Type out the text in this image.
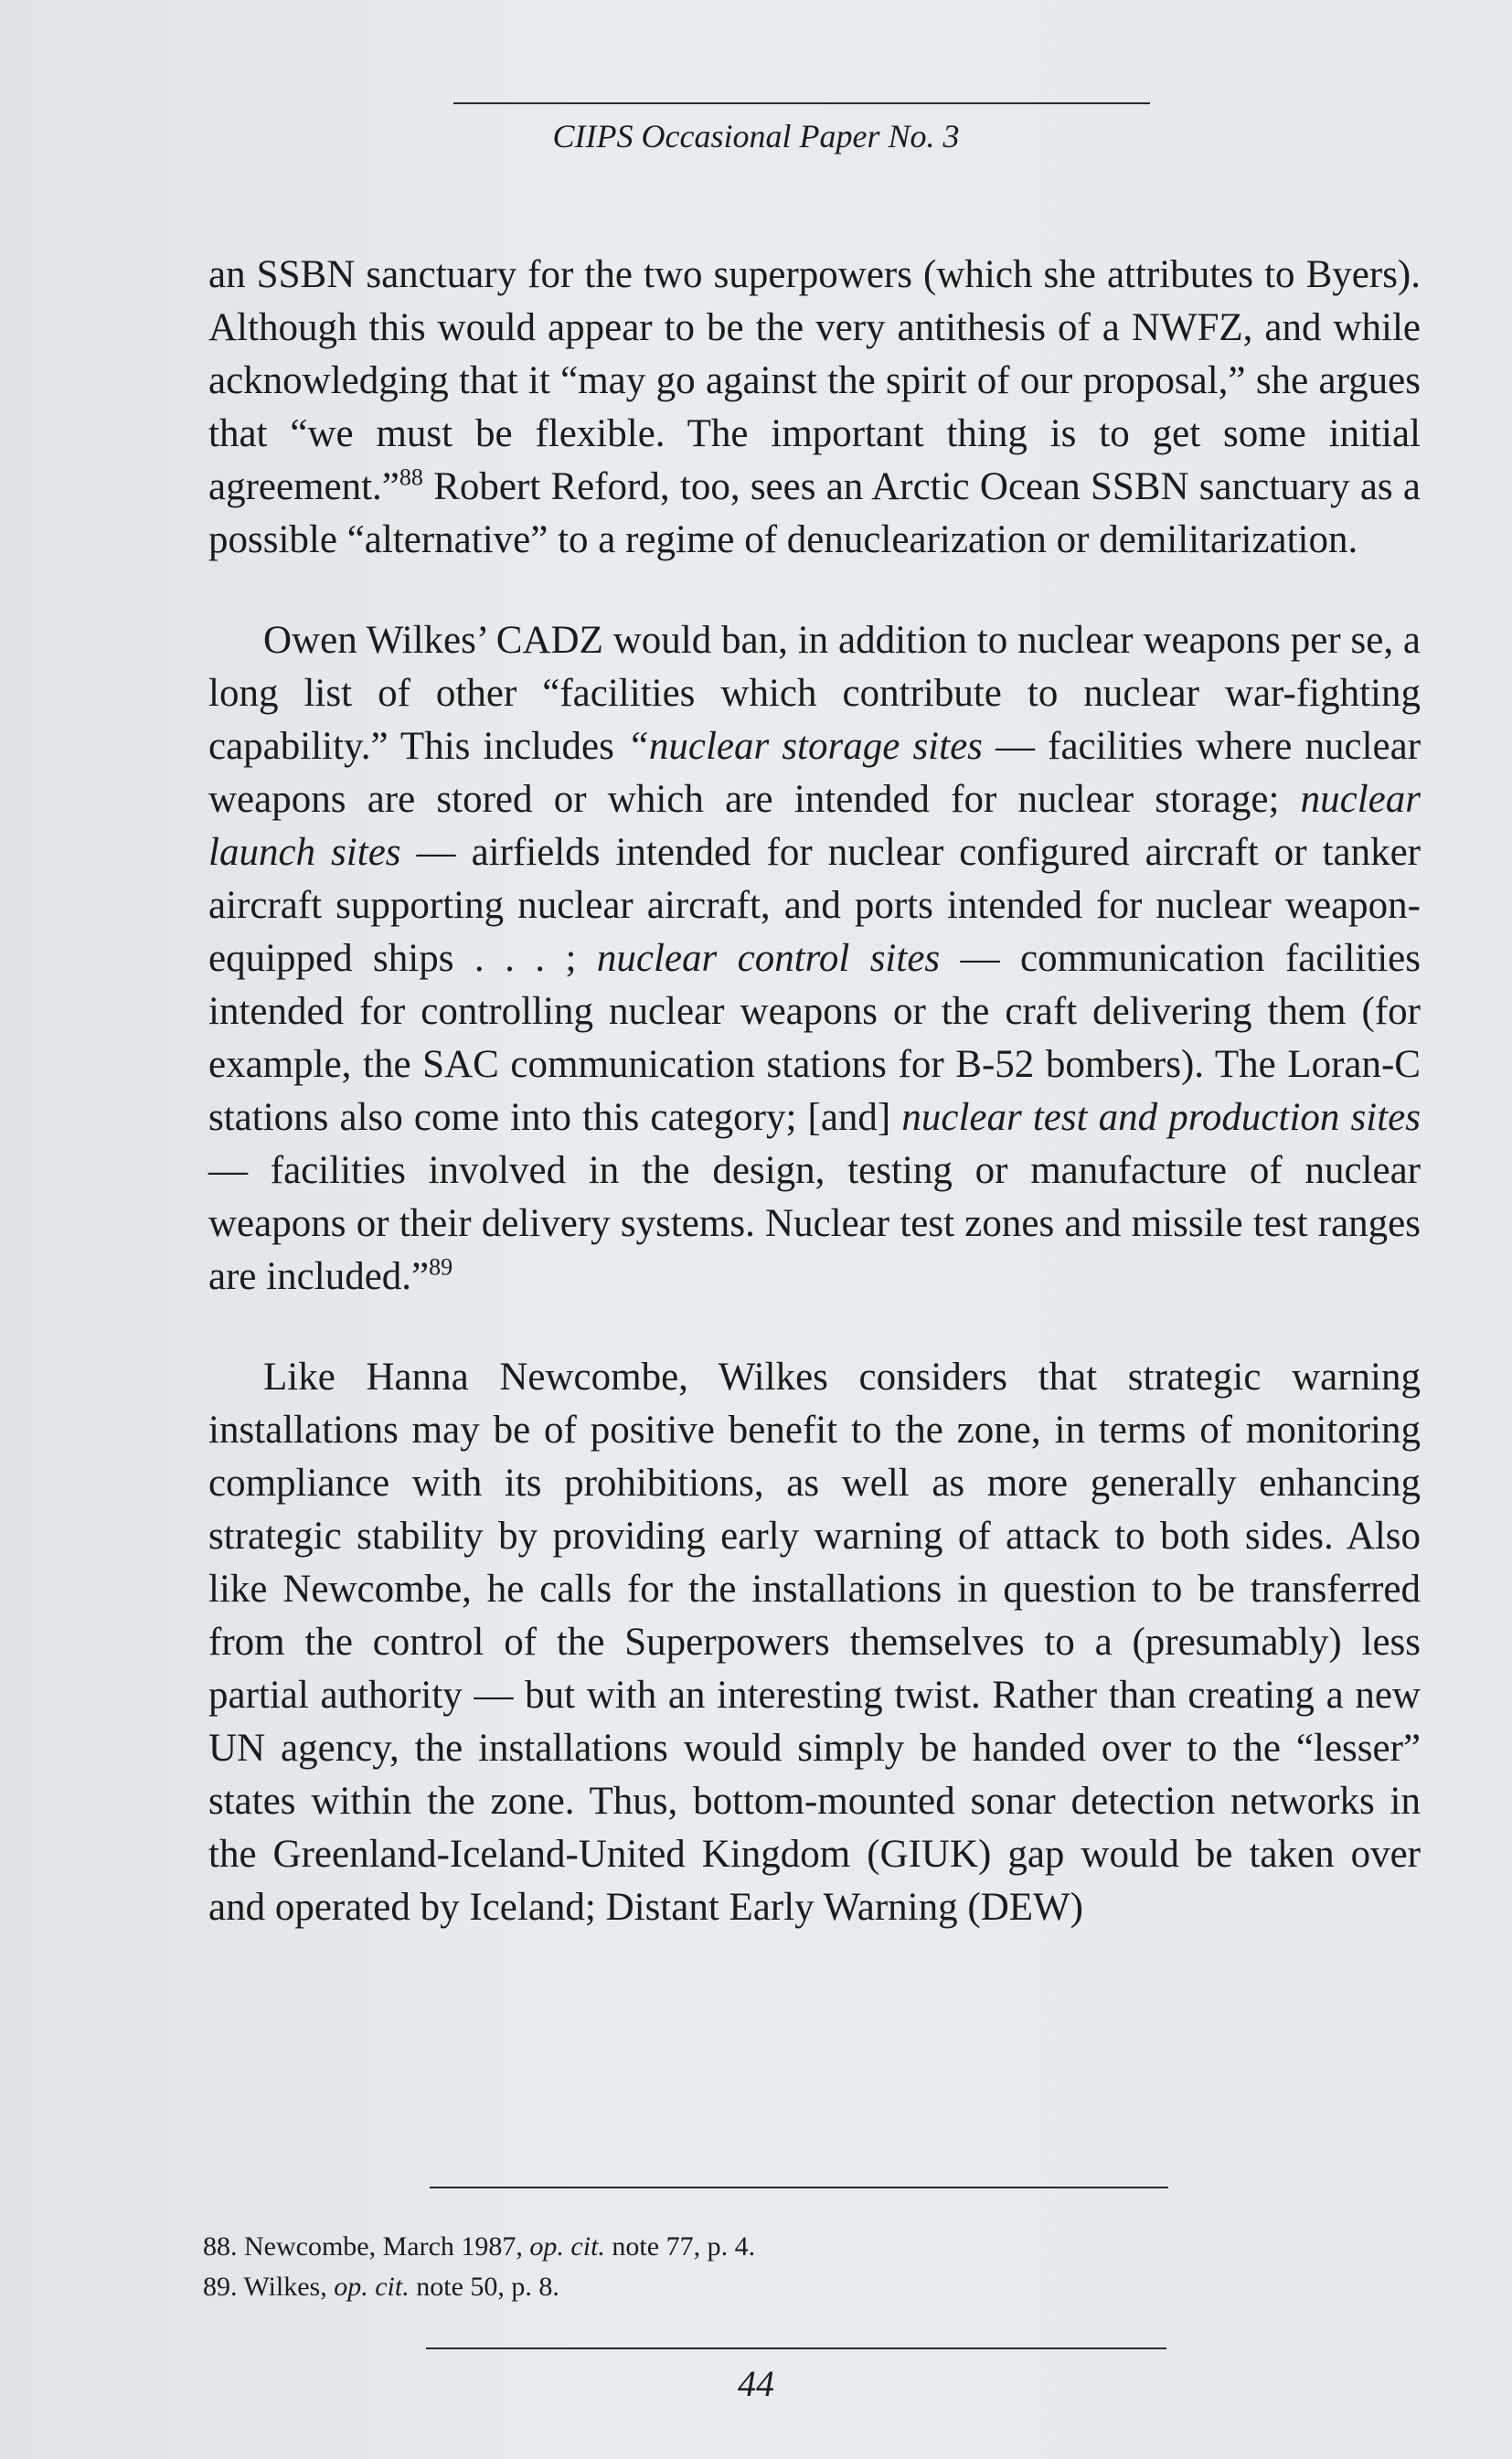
CIIPS Occasional Paper No. 3

an SSBN sanctuary for the two superpowers (which she attributes to Byers). Although this would appear to be the very antithesis of a NWFZ, and while acknowledging that it “may go against the spirit of our proposal,” she argues that “we must be flexible. The important thing is to get some initial agreement.”$^{88}$ Robert Reford, too, sees an Arctic Ocean SSBN sanctuary as a possible “alternative” to a regime of denuclearization or demilitarization.

Owen Wilkes’ CADZ would ban, in addition to nuclear weapons per se, a long list of other “facilities which contribute to nuclear war-fighting capability.” This includes “nuclear storage sites — facilities where nuclear weapons are stored or which are intended for nuclear storage; nuclear launch sites — airfields intended for nuclear configured aircraft or tanker aircraft supporting nuclear aircraft, and ports intended for nuclear weapon-equipped ships . . . ; nuclear control sites — communication facilities intended for controlling nuclear weapons or the craft delivering them (for example, the SAC communication stations for B-52 bombers). The Loran-C stations also come into this category; [and] nuclear test and production sites — facilities involved in the design, testing or manufacture of nuclear weapons or their delivery systems. Nuclear test zones and missile test ranges are included.”$^{89}$

Like Hanna Newcombe, Wilkes considers that strategic warning installations may be of positive benefit to the zone, in terms of monitoring compliance with its prohibitions, as well as more generally enhancing strategic stability by providing early warning of attack to both sides. Also like Newcombe, he calls for the installations in question to be transferred from the control of the Superpowers themselves to a (presumably) less partial authority — but with an interesting twist. Rather than creating a new UN agency, the installations would simply be handed over to the “lesser” states within the zone. Thus, bottom-mounted sonar detection networks in the Greenland-Iceland-United Kingdom (GIUK) gap would be taken over and operated by Iceland; Distant Early Warning (DEW)

88. Newcombe, March 1987, op. cit. note 77, p. 4.
89. Wilkes, op. cit. note 50, p. 8.
44
